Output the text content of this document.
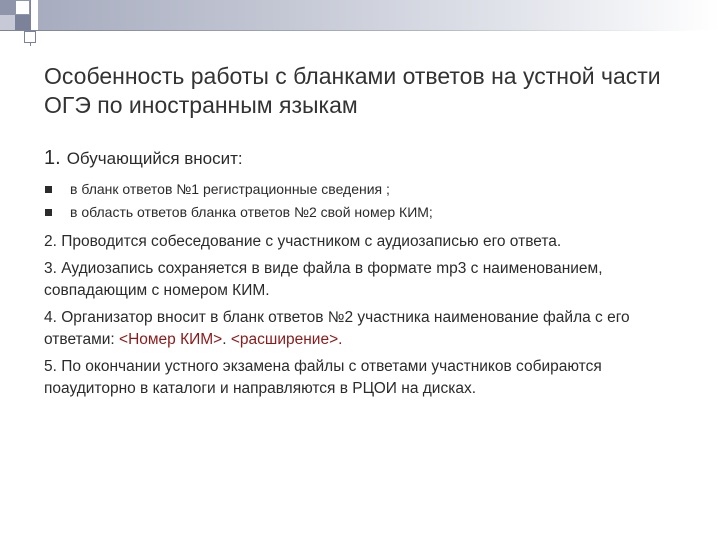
Особенность работы с бланками ответов на устной части ОГЭ по иностранным языкам
1. Обучающийся вносит:
в бланк ответов №1 регистрационные сведения ;
в область ответов бланка ответов №2 свой номер КИМ;

2. Проводится собеседование с участником с аудиозаписью его ответа.

3. Аудиозапись сохраняется в виде файла в формате mp3 с наименованием, совпадающим с номером КИМ.

4. Организатор вносит в бланк ответов №2 участника наименование файла с его ответами: <Номер КИМ>. <расширение>.

5. По окончании устного экзамена файлы с ответами участников собираются поаудиторно в каталоги и направляются в РЦОИ на дисках.
